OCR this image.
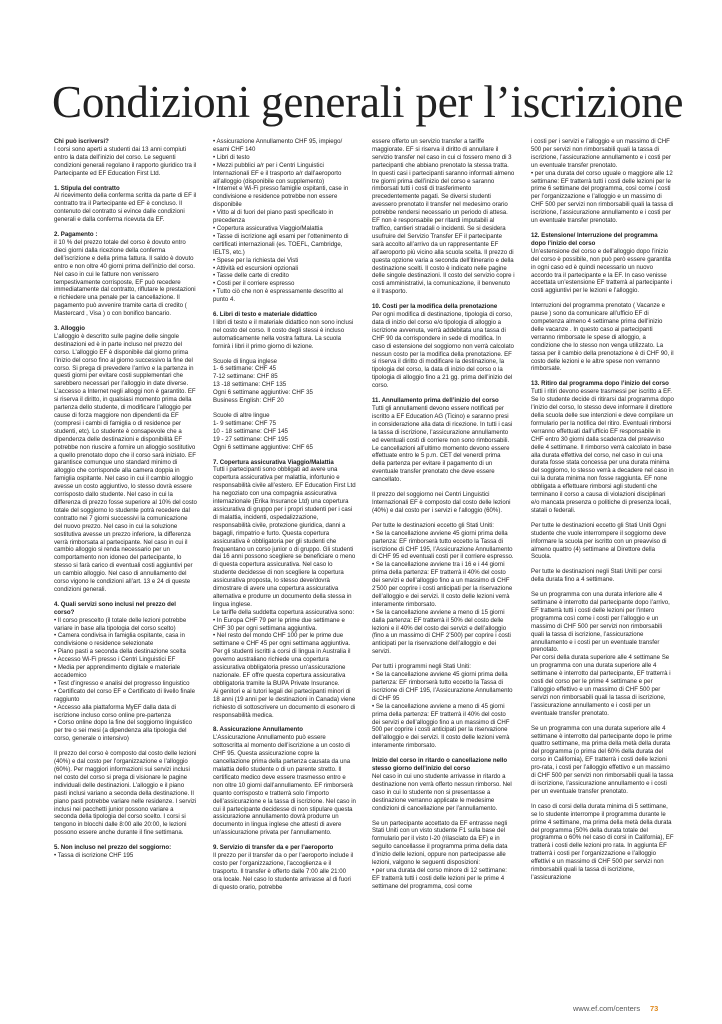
Condizioni generali per l’iscrizione
Chi può iscriversi?
I corsi sono aperti a studenti dai 13 anni compiuti entro la data dell’inizio del corso. Le seguenti condizioni generali regolano il rapporto giuridico tra il Partecipante ed EF Education First Ltd.
1. Stipula del contratto
Al ricevimento della conferma scritta da parte di EF il contratto tra il Partecipante ed EF è concluso. Il contenuto del contratto si evince dalle condizioni generali e dalla conferma ricevuta da EF.
2. Pagamento :
il 10 % del prezzo totale del corso è dovuto entro dieci giorni dalla ricezione della conferma dell’iscrizione e della prima fattura. Il saldo è dovuto entro e non oltre 40 giorni prima dell’inizio del corso. Nel caso in cui le fatture non venissero tempestivamente corrisposte, EF può recedere immediatamente dal contratto, riflutare le prestazioni e richiedere una penale per la cancellazione. Il pagamento può avvenire tramite carta di credito ( Mastercard , Visa ) o con bonifico bancario.
3. Alloggio
L’alloggio è descritto sulle pagine delle singole destinazioni ed è in parte incluso nel prezzo del corso. L’alloggio EF è disponibile dal giorno prima l’inizio del corso fino al giorno successivo la fine del corso. Si prega di prevedere l’arrivo e la partenza in questi giorni per evitare costi supplementari che sarebbero necessari per l’alloggio in date diverse. L’accesso a Internet negli alloggi non è garantito. EF si riserva il diritto, in qualsiasi momento prima della partenza dello studente, di modificare l’alloggio per cause di forza maggiore non dipendenti da EF (compresi i cambi di famiglia o di residence per studenti, etc). Lo studente è consapevole che a dipendenza delle destinazioni e disponibilità EF potrebbe non riuscire a fornire un alloggio sostitutivo a quello prenotato dopo che il corso sarà iniziato. EF garantisce comunque uno standard minimo di alloggio che corrisponde alla camera doppia in famiglia ospitante. Nel caso in cui il cambio alloggio avesse un costo aggiuntivo, lo stesso dovrà essere corrisposto dallo studente. Nel caso in cui la differenza di prezzo fosse superiore al 10% del costo totale del soggiorno lo studente potrà recedere dal contratto nei 7 giorni successivi la comunicazione del nuovo prezzo. Nel caso in cui la soluzione sostitutiva avesse un prezzo inferiore, la differenza verrà rimborsata al partecipante. Nel caso in cui il cambio alloggio si renda necessario per un comportamento non idoneo del partecipante, lo stesso si farà carico di eventuali costi aggiuntivi per un cambio alloggio. Nel caso di annullamento del corso vigono le condizioni all’art. 13 e 24 di queste condizioni generali.
4. Quali servizi sono inclusi nel prezzo del corso?
• Il corso prescelto (il totale delle lezioni potrebbe variare in base alla tipologia del corso scelto)
• Camera condivisa in famiglia ospitante, casa in condivisione o residence selezionate
• Piano pasti a seconda della destinazione scelta
• Accesso Wi-Fi presso i Centri Linguistici EF
• Media per apprendimento digitale e materiale accademico
• Test d’ingresso e analisi del progresso linguistico
• Certificato del corso EF e Certificato di livello finale raggiunto
• Accesso alla piattaforma MyEF dalla data di iscrizione incluso corso online pre-partenza
• Corso online dopo la fine del soggiorno linguistico per tre o sei mesi (a dipendenza alla tipologia del corso, generale o intensivo)
Il prezzo del corso è composto dal costo delle lezioni (40%) e dal costo per l’organizzazione e l’alloggio (60%). Per maggiori informazioni sui servizi inclusi nel costo del corso si prega di visionare le pagine individuali delle destinazioni. L’alloggio e il piano pasti inclusi variano a seconda della destinazione. Il piano pasti potrebbe variare nelle residenze. I servizi inclusi nei pacchetti junior possono variare a seconda della tipologia del corso scelto. I corsi si tengono in blocchi dalle 8:00 alle 20:00, le lezioni possono essere anche durante il fine settimana.
5. Non incluso nel prezzo del soggiorno:
• Tassa di iscrizione CHF 195
• Assicurazione Annullamento CHF 95, impiego/ esami CHF 140
• Libri di testo
• Mezzi pubblici a/r per i Centri Linguistici Internazionali EF e il trasporto a/r dall’aeroporto all’alloggio (disponibile con supplemento)
• Internet e Wi-Fi presso famiglie ospitanti, case in condivisione e residence potrebbe non essere disponibile
• Vitto al di fuori del piano pasti specificato in precedenza
• Copertura assicurativa Viaggio/Malattia
• Tasse di iscrizione agli esami per l’ottenimento di certificati internazionali (es. TOEFL, Cambridge, IELTS, etc.)
• Spese per la richiesta dei Visti
• Attività ed escursioni opzionali
• Tasse delle carte di credito
• Costi per il corriere espresso
• Tutto ciò che non è espressamente descritto al punto 4.
6. Libri di testo e materiale didattico
I libri di testo e il materiale didattico non sono inclusi nel costo del corso. Il costo degli stessi è incluso automaticamente nella vostra fattura. La scuola fornirà i libri il primo giorno di lezione.
Scuole di lingua inglese
1- 6 settimane: CHF 45
7-12 settimane: CHF 85
13 -18 settimane: CHF 135
Ogni 6 settimane aggiuntive: CHF 35
Business English: CHF 20
Scuole di altre lingue
1- 9 settimane: CHF 75
10 - 18 settimane: CHF 145
19 - 27 settimane: CHF 195
Ogni 6 settimane aggiuntive: CHF 65
7. Copertura assicurativa Viaggio/Malattia
Tutti i partecipanti sono obbligati ad avere una copertura assicurativa per malattia, infortunio e responsabilità civile all’estero. EF Education First Ltd ha negoziato con una compagnia assicurativa internazionale (Erika Insurance Ltd) una copertura assicurativa di gruppo per i propri studenti per i casi di malattia, incidenti, ospedalizzazione, responsabilità civile, protezione giuridica, danni a bagagli, rimpatrio e furto. Questa copertura assicurativa è obbligatoria per gli studenti che frequentano un corso junior o di gruppo. Gli studenti dai 16 anni possono scegliere se beneficiare o meno di questa copertura assicurativa. Nel caso lo studente decidesse di non scegliere la copertura assicurativa proposta, lo stesso deve/dovrà dimostrare di avere una copertura assicurativa alternativa e produrre un documento della stessa in lingua inglese.
Le tariffe della suddetta copertura assicurativa sono:
• In Europa CHF 79 per le prime due settimane e CHF 30 per ogni settimana aggiuntiva.
• Nel resto del mondo CHF 100 per le prime due settimane e CHF 45 per ogni settimana aggiuntiva.
Per gli studenti iscritti a corsi di lingua in Australia il governo australiano richiede una copertura assicurativa obbligatoria presso un’assicurazione nazionale. EF offre questa copertura assicurativa obbligatoria tramite la BUPA Private Insurance.
Ai genitori e ai tutori legali dei partecipanti minori di 18 anni (19 anni per le destinazioni in Canada) viene richiesto di sottoscrivere un documento di esonero di responsabilità medica.
8. Assicurazione Annullamento
L’Assicurazione Annullamento può essere sottoscritta al momento dell’iscrizione a un costo di CHF 95. Questa assicurazione copre la cancellazione prima della partenza causata da una malattia dello studente o di un parente stretto. Il certificato medico deve essere trasmesso entro e non oltre 10 giorni dall’annullamento. EF rimborserà quanto corrisposto e tratterrà solo l’importo dell’assicurazione e la tassa di iscrizione. Nel caso in cui il partecipante decidesse di non stipulare questa assicurazione annullamento dovrà produrre un documento in lingua inglese che attesti di avere un’assicurazione privata per l’annullamento.
9. Servizio di transfer da e per l’aeroporto
Il prezzo per il transfer da o per l’aeroporto include il costo per l’organizzazione, l’accoglienza e il trasporto. Il transfer è offerto dalle 7:00 alle 21:00 ora locale. Nel caso lo studente arrivasse al di fuori di questo orario, potrebbe
essere offerto un servizio transfer a tariffe maggiorate. EF si riserva il diritto di annullare il servizio transfer nel caso in cui ci fossero meno di 3 partecipanti che abbiano prenotato la stessa tratta. In questi casi i partecipanti saranno informati almeno tre giorni prima dell’inizio del corso e saranno rimborsati tutti i costi di trasferimento precedentemente pagati. Se diversi studenti avessero prenotato il transfer nel medesimo orario potrebbe rendersi necessario un periodo di attesa. EF non è responsabile per ritardi imputabili al traffico, cantieri stradali o incidenti. Se si desidera usufruire del Servizio Transfer EF il partecipante sarà accolto all’arrivo da un rappresentante EF all’aeroporto più vicino alla scuola scelta. Il prezzo di questa opzione varia a seconda dell’itinerario e della destinazione scelti. Il costo è indicato nelle pagine delle singole destinazioni. Il costo del servizio copre i costi amministrativi, la comunicazione, il benvenuto e il trasporto.
10. Costi per la modifica della prenotazione
Per ogni modifica di destinazione, tipologia di corso, data di inizio del corso e/o tipologia di alloggio a iscrizione avvenuta, verrà addebitata una tassa di CHF 90 da corrispondere in sede di modifica. In caso di estensione del soggiorno non verrà calcolato nessun costo per la modifica della prenotazione. EF si riserva il diritto di modificare la destinazione, la tipologia del corso, la data di inizio del corso o la tipologia di alloggio fino a 21 gg. prima dell’inizio del corso.
11. Annullamento prima dell’inizio del corso
Tutti gli annullamenti devono essere notificati per iscritto a EF Education AG (Ticino) e saranno presi in considerazione alla data di ricezione. In tutti i casi la tassa di iscrizione, l’assicurazione annullamento ed eventuali costi di corriere non sono rimborsabili. Le cancellazioni all’ultimo momento devono essere effettuate entro le 5 p.m. CET del venerdì prima della partenza per evitare il pagamento di un eventuale transfer prenotato che deve essere cancellato.
Il prezzo del soggiorno nei Centri Linguistici Internazionali EF è composto dal costo delle lezioni (40%) e dal costo per i servizi e l’alloggio (60%).
Per tutte le destinazioni eccetto gli Stati Uniti:
• Se la cancellazione avviene 45 giorni prima della partenza: EF rimborserà tutto eccetto la Tassa di iscrizione di CHF 195, l’Assicurazione Annullamento di CHF 95 ed eventuali costi per il corriere espresso.
• Se la cancellazione avviene tra i 16 e i 44 giorni prima della partenza: EF tratterrà il 40% del costo dei servizi e dell’alloggio fino a un massimo di CHF 2’500 per coprire i costi anticipati per la riservazione dell’alloggio e dei servizi. Il costo delle lezioni verrà interamente rimborsato.
• Se la cancellazione avviene a meno di 15 giorni dalla partenza: EF tratterrà il 50% del costo delle lezioni e il 40% del costo dei servizi e dell’alloggio (fino a un massimo di CHF 2’500) per coprire i costi anticipati per la riservazione dell’alloggio e dei servizi.
Per tutti i programmi negli Stati Uniti:
• Se la cancellazione avviene 45 giorni prima della partenza: EF rimborserà tutto eccetto la Tassa di iscrizione di CHF 195, l’Assicurazione Annullamento di CHF 95
• Se la cancellazione avviene a meno di 45 giorni prima della partenza: EF tratterrà il 40% del costo dei servizi e dell’alloggio fino a un massimo di CHF 500 per coprire i costi anticipati per la riservazione dell’alloggio e dei servizi. Il costo delle lezioni verrà interamente rimborsato.
Inizio del corso in ritardo o cancellazione nello stesso giorno dell’inizio del corso
Nel caso in cui uno studente arrivasse in ritardo a destinazione non verrà offerto nessun rimborso. Nel caso in cui lo studente non si presentasse a destinazione verranno applicate le medesime condizioni di cancellazione per l’annullamento.
Se un partecipante accettato da EF entrasse negli Stati Uniti con un visto studente F1 sulla base del formulario per il visto I-20 (rilasciato da EF) e in seguito cancellasse il programma prima della data d’inizio delle lezioni, oppure non partecipasse alle lezioni, valgono le seguenti disposizioni:
• per una durata del corso minore di 12 settimane: EF tratterrà tutti i costi delle lezioni per le prime 4 settimane del programma, così come
i costi per i servizi e l’alloggio e un massimo di CHF 500 per servizi non rimborsabili quali la tassa di iscrizione, l’assicurazione annullamento e i costi per un eventuale transfer prenotato.
• per una durata del corso uguale o maggiore alle 12 settimane: EF tratterrà tutti i costi delle lezioni per le prime 6 settimane del programma, così come i costi per l’organizzazione e l’alloggio e un massimo di CHF 500 per servizi non rimborsabili quali la tassa di iscrizione, l’assicurazione annullamento e i costi per un eventuale transfer prenotato.
12. Estensione/ Interruzione del programma dopo l’inizio del corso
Un’estensione del corso e dell’alloggio dopo l’inizio del corso è possibile, non può però essere garantita in ogni caso ed è quindi necessario un nuovo accordo tra il partecipante e la EF. In caso venisse accettata un’estensione EF tratterrà al partecipante i costi aggiuntivi per le lezioni e l’alloggio.
Interruzioni del programma prenotato ( Vacanze e pause ) sono da comunicare all’ufficio EF di competenza almeno 4 settimane prima dell’inizio delle vacanze . In questo caso ai partecipanti verranno rimborsate le spese di alloggio, a condizione che lo stesso non venga utilizzato. La tassa per il cambio della prenotazione è di CHF 90, il costo delle lezioni e le altre spese non verranno rimborsate.
13. Ritiro dal programma dopo l’inizio del corso
Tutti i ritiri devono essere trasmessi per iscritto a EF. Se lo studente decide di ritirarsi dal programma dopo l’inizio del corso, lo stesso deve informare il direttore della scuola delle sue intenzioni e deve compilare un formulario per la notifica del ritiro. Eventuali rimborsi verranno effettuati dall’ufficio EF responsabile in CHF entro 30 giorni dalla scadenza del preavviso delle 4 settimane. Il rimborso verrà calcolato in base alla durata effettiva del corso, nel caso in cui una durata fosse stata concessa per una durata minima del soggiorno, lo stesso verrà a decadere nel caso in cui la durata minima non fosse raggiunta. EF none obbligata a effettuare rimborsi agli studenti che terminano il corso a causa di violazioni disciplinari e/o mancata presenza o politiche di presenza locali, statali o federali.
Per tutte le destinazioni eccetto gli Stati Uniti Ogni studente che vuole interrompere il soggiorno deve informare la scuola per iscritto con un preavviso di almeno quattro (4) settimane al Direttore della Scuola.
Per tutte le destinazioni negli Stati Uniti per corsi della durata fino a 4 settimane.
Se un programma con una durata inferiore alle 4 settimane è interrotto dal partecipante dopo l’arrivo, EF tratterrà tutti i costi delle lezioni per l’intero programma così come i costi per l’alloggio e un massimo di CHF 500 per servizi non rimborsabili quali la tassa di iscrizione, l’assicurazione annullamento e i costi per un eventuale transfer prenotato.
Per corsi della durata superiore alle 4 settimane Se un programma con una durata superiore alle 4 settimane è interrotto dal partecipante, EF tratterrà i costi del corso per le prime 4 settimane e per l’alloggio effettivo e un massimo di CHF 500 per servizi non rimborsabili quali la tassa di iscrizione, l’assicurazione annullamento e i costi per un eventuale transfer prenotato.
Se un programma con una durata superiore alle 4 settimane è interrotto dal partecipante dopo le prime quattro settimane, ma prima della metà della durata del programma (o prima del 60% della durata del corso in California), EF tratterrà i costi delle lezioni pro-rata, i costi per l’alloggio effettivo e un massimo di CHF 500 per servizi non rimborsabili quali la tassa di iscrizione, l’assicurazione annullamento e i costi per un eventuale transfer prenotato.
In caso di corsi della durata minima di 5 settimane, se lo studente interrompe il programma durante le prime 4 settimane, ma prima della metà della durata del programma (50% della durata totale del programma o 60% nel caso di corsi in California), EF tratterà i costi delle lezioni pro rata. In aggiunta EF tratterrà i costi per l’organizzazione e l’alloggio effettivi e un massimo di CHF 500 per servizi non rimborsabili quali la tassa di iscrizione, l’assicurazione
www.ef.com/centers 73
